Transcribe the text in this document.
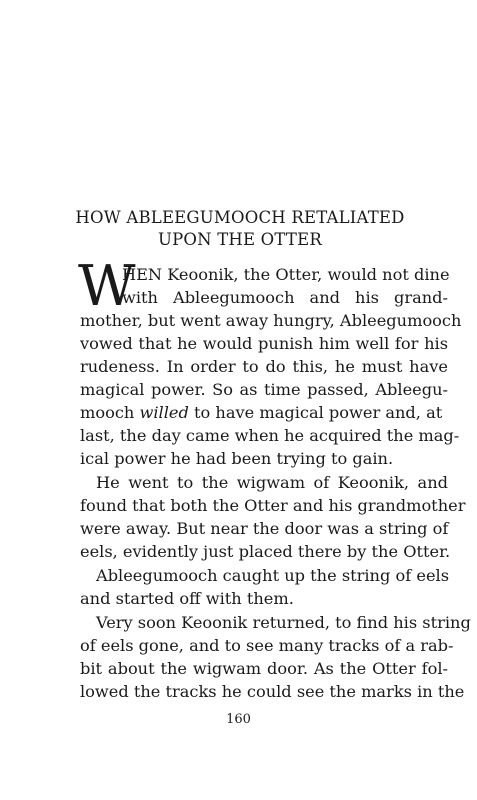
HOW ABLEEGUMOOCH RETALIATED
UPON THE OTTER
W
HEN Keoonik, the Otter, would not dine
with Ableegumooch and his grand-
mother, but went away hungry, Ableegumooch
vowed that he would punish him well for his
rudeness. In order to do this, he must have
magical power. So as time passed, Ableegu-
mooch willed to have magical power and, at
last, the day came when he acquired the mag-
ical power he had been trying to gain.
He went to the wigwam of Keoonik, and
found that both the Otter and his grandmother
were away. But near the door was a string of
eels, evidently just placed there by the Otter.
Ableegumooch caught up the string of eels
and started off with them.
Very soon Keoonik returned, to find his string
of eels gone, and to see many tracks of a rab-
bit about the wigwam door. As the Otter fol-
lowed the tracks he could see the marks in the
160
